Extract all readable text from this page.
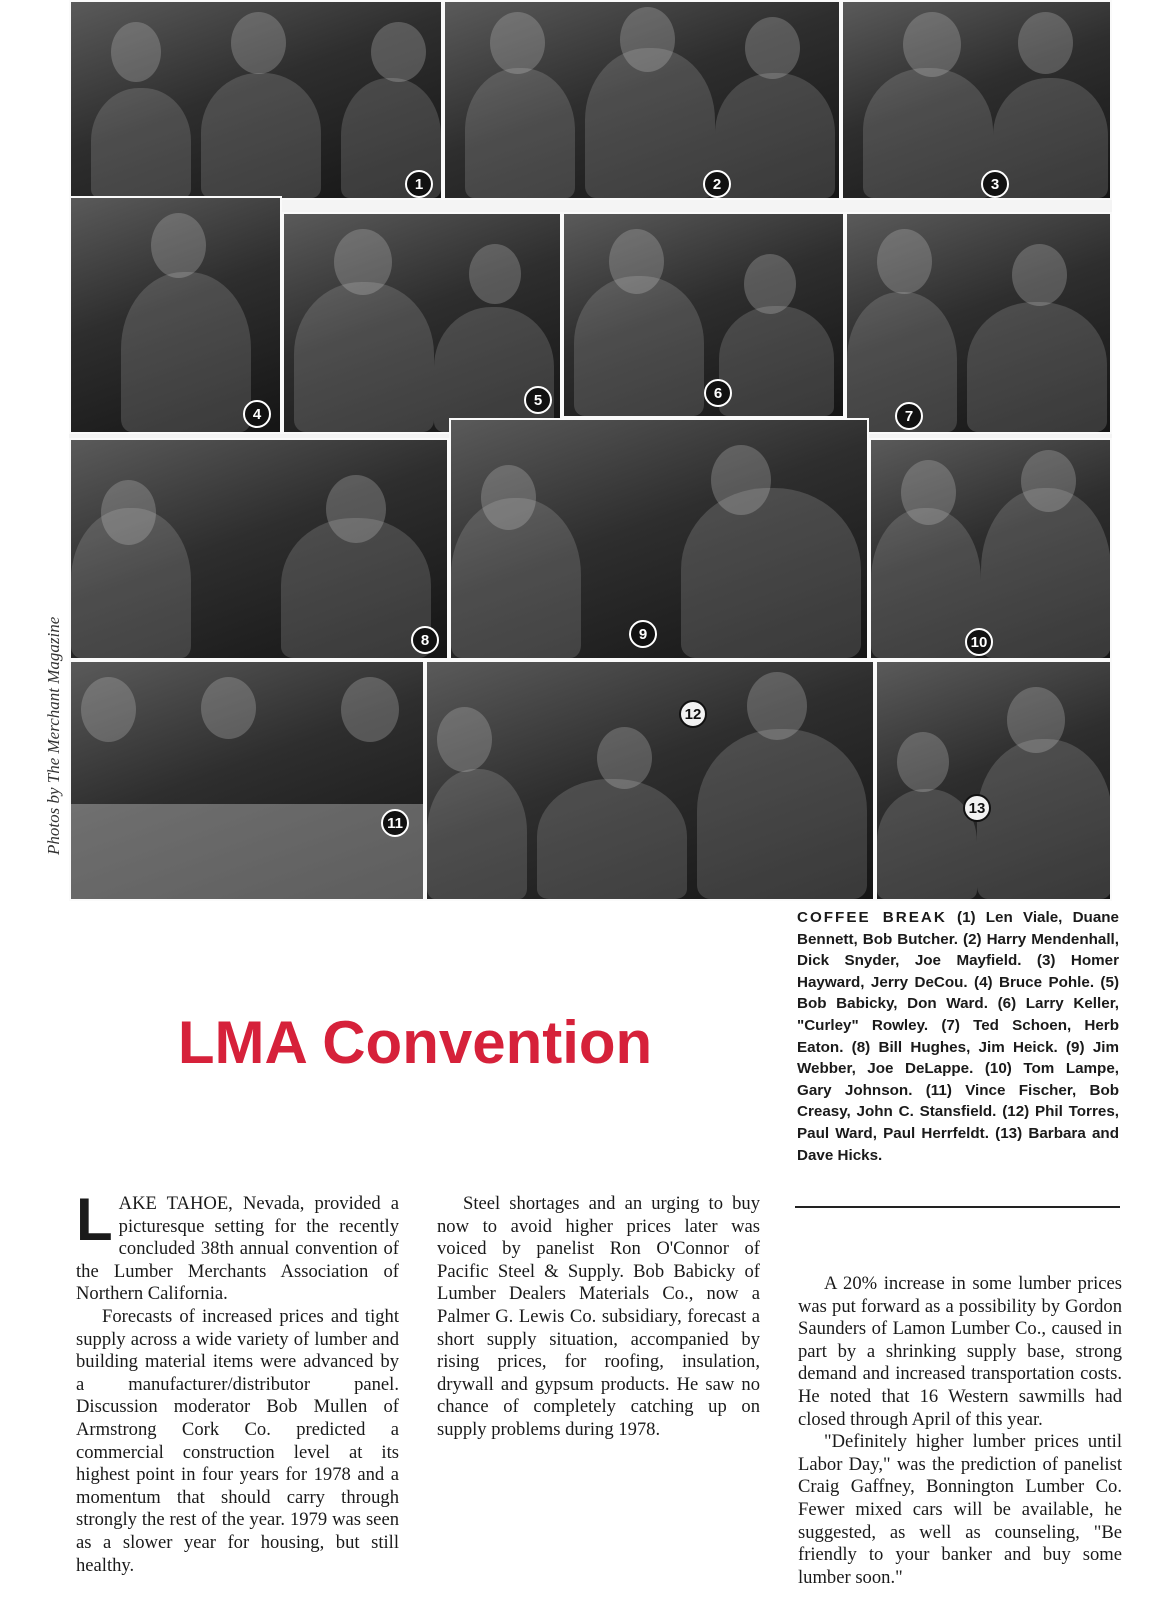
1	2	3
4
5	6
7
8	9	10
11
12
13
Photos by The Merchant Magazine
COFFEE BREAK (1) Len Viale, Duane Bennett, Bob Butcher. (2) Harry Mendenhall, Dick Snyder, Joe Mayfield. (3) Homer Hayward, Jerry DeCou. (4) Bruce Pohle. (5) Bob Babicky, Don Ward. (6) Larry Keller, "Curley" Rowley. (7) Ted Schoen, Herb Eaton. (8) Bill Hughes, Jim Heick. (9) Jim Webber, Joe DeLappe. (10) Tom Lampe, Gary Johnson. (11) Vince Fischer, Bob Creasy, John C. Stansfield. (12) Phil Torres, Paul Ward, Paul Herrfeldt. (13) Barbara and Dave Hicks.
LMA Convention

LAKE TAHOE, Nevada, provided a picturesque setting for the recently concluded 38th annual convention of the Lumber Merchants Association of Northern California.

Forecasts of increased prices and tight supply across a wide variety of lumber and building material items were advanced by a manufacturer/distributor panel. Discussion moderator Bob Mullen of Armstrong Cork Co. predicted a commercial construction level at its highest point in four years for 1978 and a momentum that should carry through strongly the rest of the year. 1979 was seen as a slower year for housing, but still healthy.

Steel shortages and an urging to buy now to avoid higher prices later was voiced by panelist Ron O'Connor of Pacific Steel & Supply. Bob Babicky of Lumber Dealers Materials Co., now a Palmer G. Lewis Co. subsidiary, forecast a short supply situation, accompanied by rising prices, for roofing, insulation, drywall and gypsum products. He saw no chance of completely catching up on supply problems during 1978.

A 20% increase in some lumber prices was put forward as a possibility by Gordon Saunders of Lamon Lumber Co., caused in part by a shrinking supply base, strong demand and increased transportation costs. He noted that 16 Western sawmills had closed through April of this year.

"Definitely higher lumber prices until Labor Day," was the prediction of panelist Craig Gaffney, Bonnington Lumber Co. Fewer mixed cars will be available, he suggested, as well as counseling, "Be friendly to your banker and buy some lumber soon."
